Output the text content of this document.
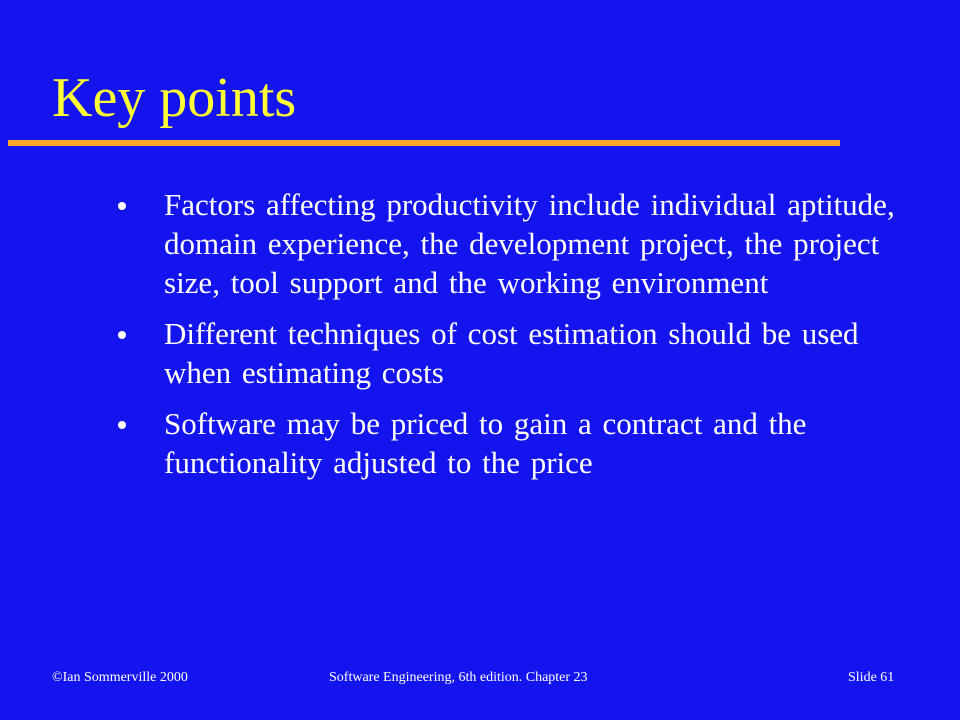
Key points
Factors affecting productivity include individual aptitude, domain experience, the development project, the project size, tool support and the working environment
Different techniques of cost estimation should be used when estimating costs
Software may be priced to gain a contract and the functionality adjusted to the price
©Ian Sommerville 2000	Software Engineering, 6th edition. Chapter 23	Slide 61
